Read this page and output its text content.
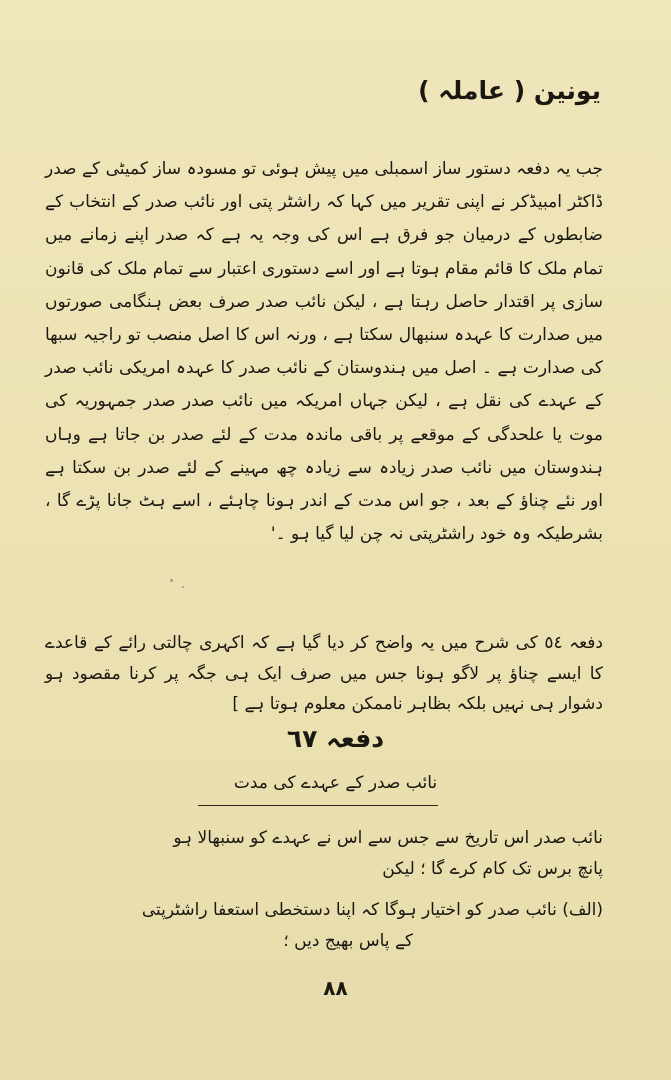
یونین ( عاملہ )

جب یہ دفعہ دستور ساز اسمبلی میں پیش ہوئی تو مسودہ ساز کمیٹی کے صدر ڈاکٹر امبیڈکر نے اپنی تقریر میں کہا کہ راشٹر پتی اور نائب صدر کے انتخاب کے ضابطوں کے درمیان جو فرق ہے اس کی وجہ یہ ہے کہ صدر اپنے زمانے میں تمام ملک کا قائم مقام ہوتا ہے اور اسے دستوری اعتبار سے تمام ملک کی قانون سازی پر اقتدار حاصل رہتا ہے ، لیکن نائب صدر صرف بعض ہنگامی صورتوں میں صدارت کا عہدہ سنبھال سکتا ہے ، ورنہ اس کا اصل منصب تو راجیہ سبھا کی صدارت ہے ۔ اصل میں ہندوستان کے نائب صدر کا عہدہ امریکی نائب صدر کے عہدے کی نقل ہے ، لیکن جہاں امریکہ میں نائب صدر صدر جمہوریہ کی موت یا علحدگی کے موقعے پر باقی ماندہ مدت کے لئے صدر بن جاتا ہے وہاں ہندوستان میں نائب صدر زیادہ سے زیادہ چھ مہینے کے لئے صدر بن سکتا ہے اور نئے چناؤ کے بعد ، جو اس مدت کے اندر ہونا چاہئے ، اسے ہٹ جانا پڑے گا ، بشرطیکہ وہ خود راشٹرپتی نہ چن لیا گیا ہو ۔'

دفعہ ٥٤ کی شرح میں یہ واضح کر دیا گیا ہے کہ اکہری چالتی رائے کے قاعدے کا ایسے چناؤ پر لاگو ہونا جس میں صرف ایک ہی جگہ پر کرنا مقصود ہو دشوار ہی نہیں بلکہ بظاہر ناممکن معلوم ہوتا ہے ]

دفعہ ٦٧
نائب صدر کے عہدے کی مدت
نائب صدر اس تاریخ سے جس سے اس نے عہدے کو سنبھالا ہو
پانچ برس تک کام کرے گا ؛ لیکن
(الف) نائب صدر کو اختیار ہوگا کہ اپنا دستخطی استعفا راشٹرپتی
کے پاس بھیج دیں ؛
٨٨
